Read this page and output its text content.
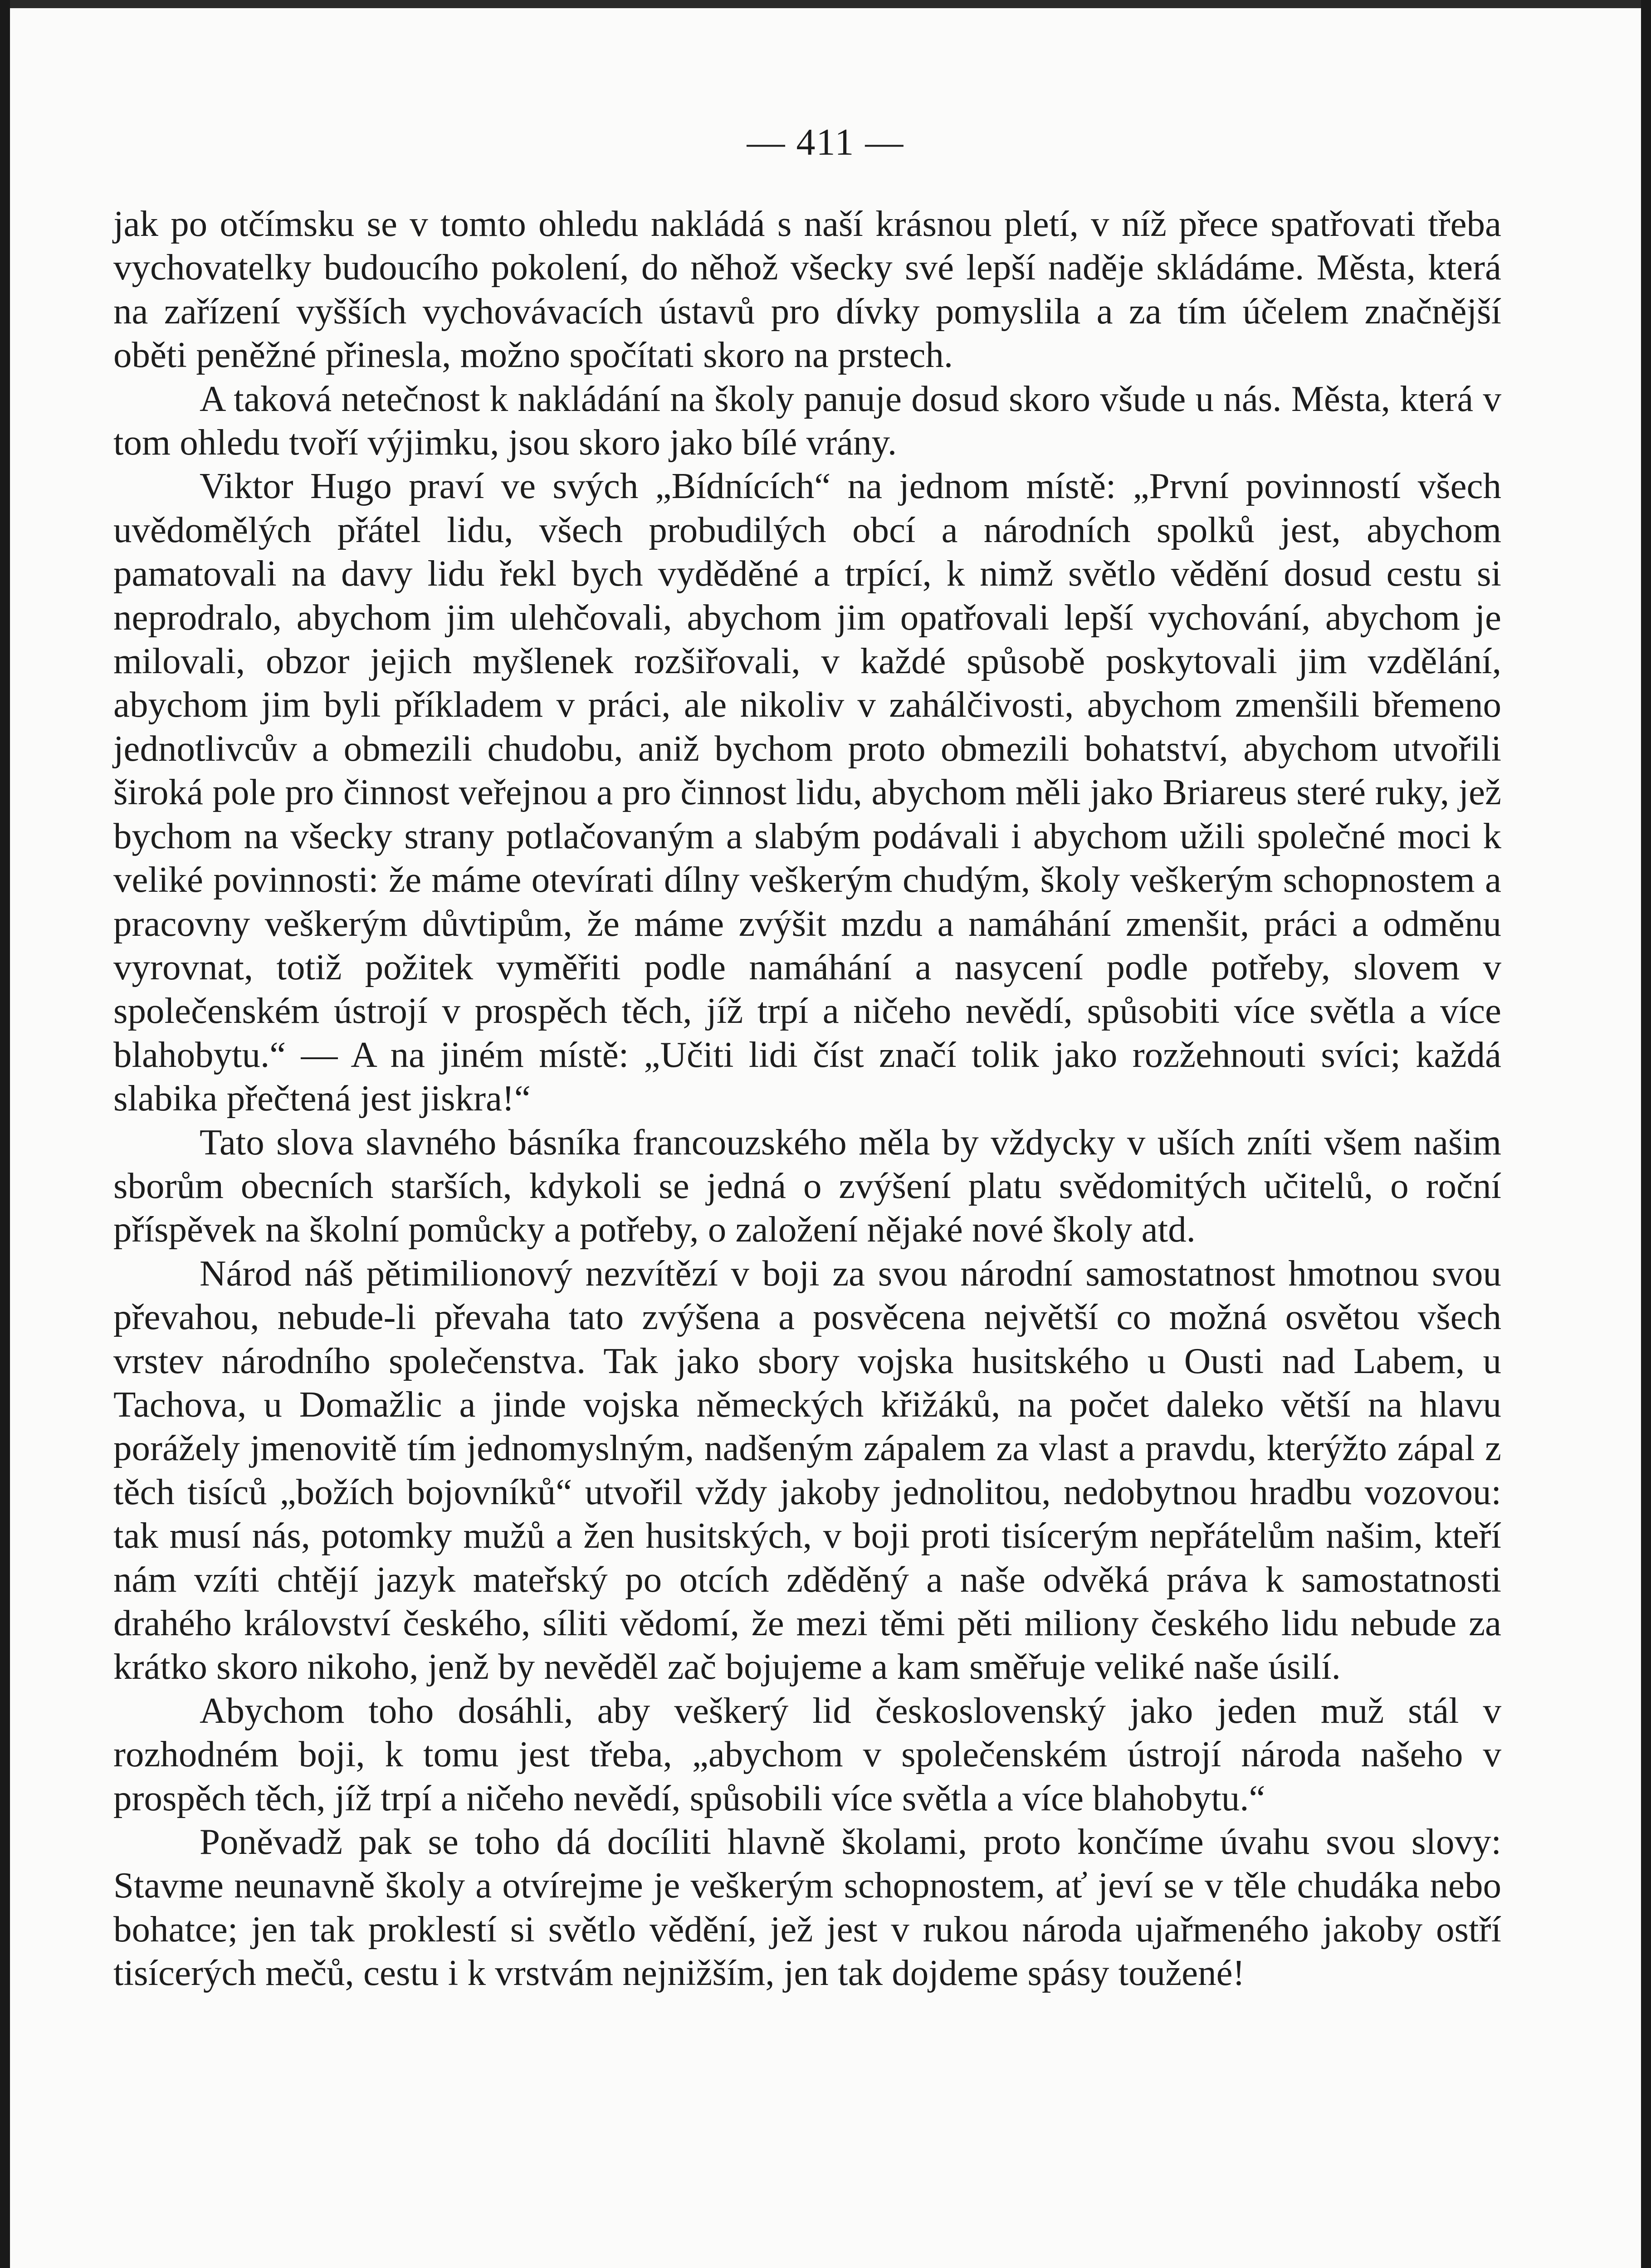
— 411 —

jak po otčímsku se v tomto ohledu nakládá s naší krásnou pletí, v níž přece spatřovati třeba vychovatelky budoucího pokolení, do něhož všecky své lepší naděje skládáme. Města, která na zařízení vyšších vychovávacích ústavů pro dívky pomyslila a za tím účelem značnější oběti peněžné přinesla, možno spočítati skoro na prstech.

A taková netečnost k nakládání na školy panuje dosud skoro všude u nás. Města, která v tom ohledu tvoří výjimku, jsou skoro jako bílé vrány.

Viktor Hugo praví ve svých „Bídnících“ na jednom místě: „První povinností všech uvědomělých přátel lidu, všech probudilých obcí a národních spolků jest, abychom pamatovali na davy lidu řekl bych vyděděné a trpící, k nimž světlo vědění dosud cestu si neprodralo, abychom jim ulehčovali, abychom jim opatřovali lepší vychování, abychom je milovali, obzor jejich myšlenek rozšiřovali, v každé spůsobě poskytovali jim vzdělání, abychom jim byli příkladem v práci, ale nikoliv v zahálčivosti, abychom zmenšili břemeno jednotlivcův a obmezili chudobu, aniž bychom proto obmezili bohatství, abychom utvořili široká pole pro činnost veřejnou a pro činnost lidu, abychom měli jako Briareus steré ruky, jež bychom na všecky strany potlačovaným a slabým podávali i abychom užili společné moci k veliké povinnosti: že máme otevírati dílny veškerým chudým, školy veškerým schopnostem a pracovny veškerým důvtipům, že máme zvýšit mzdu a namáhání zmenšit, práci a odměnu vyrovnat, totiž požitek vyměřiti podle namáhání a nasycení podle potřeby, slovem v společenském ústrojí v prospěch těch, jíž trpí a ničeho nevědí, spůsobiti více světla a více blahobytu.“ — A na jiném místě: „Učiti lidi číst značí tolik jako rozžehnouti svíci; každá slabika přečtená jest jiskra!“

Tato slova slavného básníka francouzského měla by vždycky v uších zníti všem našim sborům obecních starších, kdykoli se jedná o zvýšení platu svědomitých učitelů, o roční příspěvek na školní pomůcky a potřeby, o založení nějaké nové školy atd.

Národ náš pětimilionový nezvítězí v boji za svou národní samostatnost hmotnou svou převahou, nebude-li převaha tato zvýšena a posvěcena největší co možná osvětou všech vrstev národního společenstva. Tak jako sbory vojska husitského u Ousti nad Labem, u Tachova, u Domažlic a jinde vojska německých křižáků, na počet daleko větší na hlavu porážely jmenovitě tím jednomyslným, nadšeným zápalem za vlast a pravdu, kterýžto zápal z těch tisíců „božích bojovníků“ utvořil vždy jakoby jednolitou, nedobytnou hradbu vozovou: tak musí nás, potomky mužů a žen husitských, v boji proti tisícerým nepřátelům našim, kteří nám vzíti chtějí jazyk mateřský po otcích zděděný a naše odvěká práva k samostatnosti drahého království českého, síliti vědomí, že mezi těmi pěti miliony českého lidu nebude za krátko skoro nikoho, jenž by nevěděl zač bojujeme a kam směřuje veliké naše úsilí.

Abychom toho dosáhli, aby veškerý lid československý jako jeden muž stál v rozhodném boji, k tomu jest třeba, „abychom v společenském ústrojí národa našeho v prospěch těch, jíž trpí a ničeho nevědí, spůsobili více světla a více blahobytu.“

Poněvadž pak se toho dá docíliti hlavně školami, proto končíme úvahu svou slovy: Stavme neunavně školy a otvírejme je veškerým schopnostem, ať jeví se v těle chudáka nebo bohatce; jen tak proklestí si světlo vědění, jež jest v rukou národa ujařmeného jakoby ostří tisícerých mečů, cestu i k vrstvám nejnižším, jen tak dojdeme spásy toužené!
